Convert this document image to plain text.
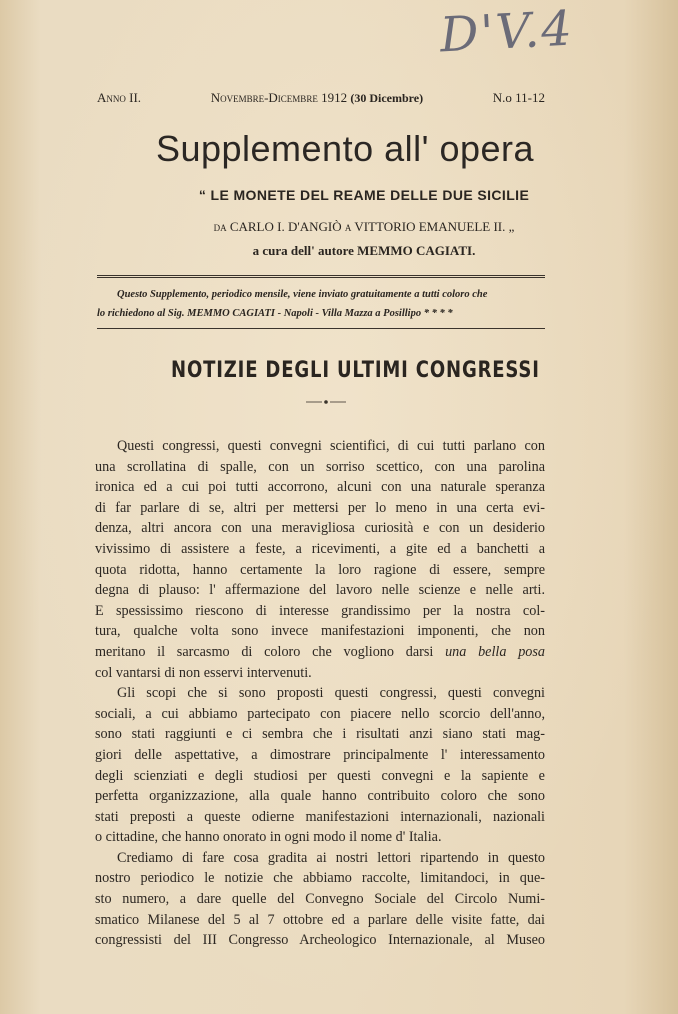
D'V.4
Anno II.	Novembre-Dicembre 1912 (30 Dicembre)	N.o 11-12
Supplemento all' opera
“ LE MONETE DEL REAME DELLE DUE SICILIE
da CARLO I. D'ANGIÒ a VITTORIO EMANUELE II. „
a cura dell' autore MEMMO CAGIATI.
Questo Supplemento, periodico mensile, viene inviato gratuitamente a tutti coloro che
lo richiedono al Sig. MEMMO CAGIATI - Napoli - Villa Mazza a Posillipo * * * *
NOTIZIE DEGLI ULTIMI CONGRESSI
Questi congressi, questi convegni scientifici, di cui tutti parlano con
una scrollatina di spalle, con un sorriso scettico, con una parolina
ironica ed a cui poi tutti accorrono, alcuni con una naturale speranza
di far parlare di se, altri per mettersi per lo meno in una certa evi-
denza, altri ancora con una meravigliosa curiosità e con un desiderio
vivissimo di assistere a feste, a ricevimenti, a gite ed a banchetti a
quota ridotta, hanno certamente la loro ragione di essere, sempre
degna di plauso: l' affermazione del lavoro nelle scienze e nelle arti.
E spessissimo riescono di interesse grandissimo per la nostra col-
tura, qualche volta sono invece manifestazioni imponenti, che non
meritano il sarcasmo di coloro che vogliono darsi una bella posa
col vantarsi di non esservi intervenuti.
Gli scopi che si sono proposti questi congressi, questi convegni
sociali, a cui abbiamo partecipato con piacere nello scorcio dell'anno,
sono stati raggiunti e ci sembra che i risultati anzi siano stati mag-
giori delle aspettative, a dimostrare principalmente l' interessamento
degli scienziati e degli studiosi per questi convegni e la sapiente e
perfetta organizzazione, alla quale hanno contribuito coloro che sono
stati preposti a queste odierne manifestazioni internazionali, nazionali
o cittadine, che hanno onorato in ogni modo il nome d' Italia.
Crediamo di fare cosa gradita ai nostri lettori ripartendo in questo
nostro periodico le notizie che abbiamo raccolte, limitandoci, in que-
sto numero, a dare quelle del Convegno Sociale del Circolo Numi-
smatico Milanese del 5 al 7 ottobre ed a parlare delle visite fatte, dai
congressisti del III Congresso Archeologico Internazionale, al Museo
